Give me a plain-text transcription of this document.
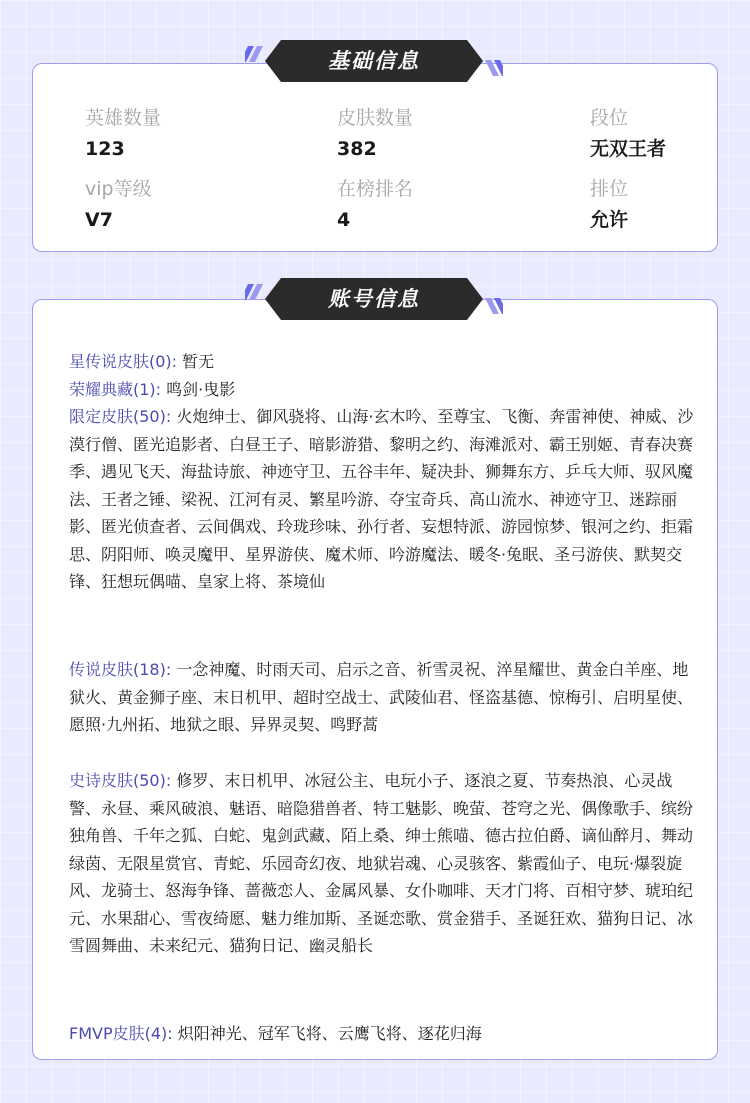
英雄数量
123
皮肤数量
382
段位
无双王者
vip等级
V7
在榜排名
4
排位
允许
基础信息
星传说皮肤(0): 暂无
荣耀典藏(1): 鸣剑·曳影
限定皮肤(50): 火炮绅士、御风骁将、山海·玄木吟、至尊宝、飞衡、奔雷神使、神威、沙漠行僧、匿光追影者、白昼王子、暗影游猎、黎明之约、海滩派对、霸王别姬、青春决赛季、遇见飞天、海盐诗旅、神迹守卫、五谷丰年、疑决卦、狮舞东方、乒乓大师、驭风魔法、王者之锤、梁祝、江河有灵、繁星吟游、夺宝奇兵、高山流水、神迹守卫、迷踪丽影、匿光侦查者、云间偶戏、玲珑珍味、孙行者、妄想特派、游园惊梦、银河之约、拒霜思、阴阳师、唤灵魔甲、星界游侠、魔术师、吟游魔法、暖冬·兔眠、圣弓游侠、默契交锋、狂想玩偶喵、皇家上将、茶境仙
传说皮肤(18): 一念神魔、时雨天司、启示之音、祈雪灵祝、淬星耀世、黄金白羊座、地狱火、黄金狮子座、末日机甲、超时空战士、武陵仙君、怪盗基德、惊梅引、启明星使、愿照·九州拓、地狱之眼、异界灵契、鸣野蒿
史诗皮肤(50): 修罗、末日机甲、冰冠公主、电玩小子、逐浪之夏、节奏热浪、心灵战警、永昼、乘风破浪、魅语、暗隐猎兽者、特工魅影、晚萤、苍穹之光、偶像歌手、缤纷独角兽、千年之狐、白蛇、鬼剑武藏、陌上桑、绅士熊喵、德古拉伯爵、谪仙醉月、舞动绿茵、无限星赏官、青蛇、乐园奇幻夜、地狱岩魂、心灵骇客、紫霞仙子、电玩·爆裂旋风、龙骑士、怒海争锋、蔷薇恋人、金属风暴、女仆咖啡、天才门将、百相守梦、琥珀纪元、水果甜心、雪夜绮愿、魅力维加斯、圣诞恋歌、赏金猎手、圣诞狂欢、猫狗日记、冰雪圆舞曲、未来纪元、猫狗日记、幽灵船长
FMVP皮肤(4): 炽阳神光、冠军飞将、云鹰飞将、逐花归海
账号信息
